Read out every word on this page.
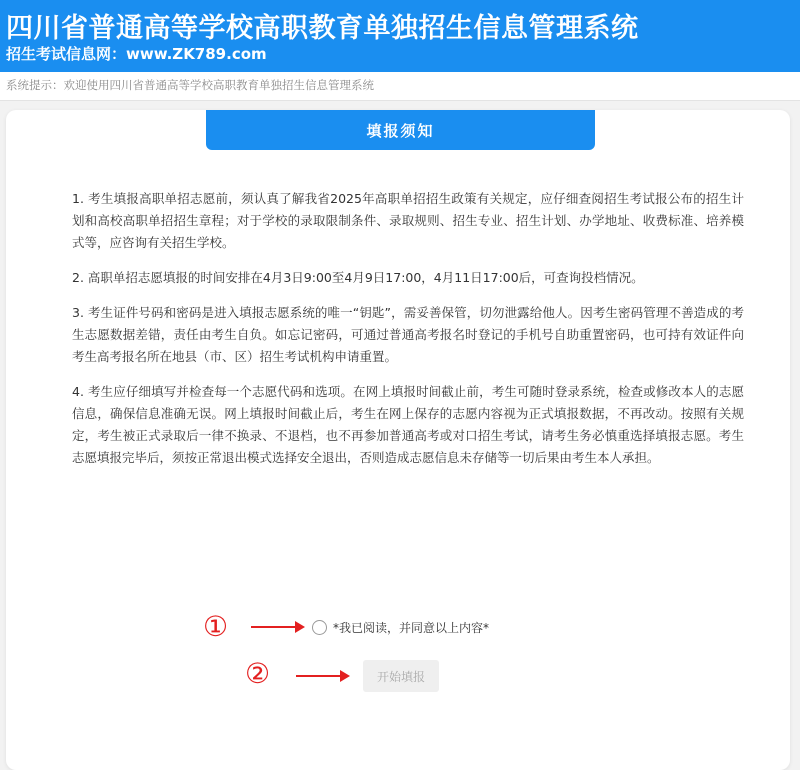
四川省普通高等学校高职教育单独招生信息管理系统
招生考试信息网：www.ZK789.com
系统提示：欢迎使用四川省普通高等学校高职教育单独招生信息管理系统
填报须知

1. 考生填报高职单招志愿前，须认真了解我省2025年高职单招招生政策有关规定，应仔细查阅招生考试报公布的招生计划和高校高职单招招生章程；对于学校的录取限制条件、录取规则、招生专业、招生计划、办学地址、收费标准、培养模式等，应咨询有关招生学校。

2. 高职单招志愿填报的时间安排在4月3日9:00至4月9日17:00，4月11日17:00后，可查询投档情况。

3. 考生证件号码和密码是进入填报志愿系统的唯一“钥匙”，需妥善保管，切勿泄露给他人。因考生密码管理不善造成的考生志愿数据差错，责任由考生自负。如忘记密码，可通过普通高考报名时登记的手机号自助重置密码，也可持有效证件向考生高考报名所在地县（市、区）招生考试机构申请重置。

4. 考生应仔细填写并检查每一个志愿代码和选项。在网上填报时间截止前，考生可随时登录系统，检查或修改本人的志愿信息，确保信息准确无误。网上填报时间截止后，考生在网上保存的志愿内容视为正式填报数据，不再改动。按照有关规定，考生被正式录取后一律不换录、不退档，也不再参加普通高考或对口招生考试，请考生务必慎重选择填报志愿。考生志愿填报完毕后，须按正常退出模式选择安全退出，否则造成志愿信息未存储等一切后果由考生本人承担。

①	*我已阅读，并同意以上内容*
②	开始填报
